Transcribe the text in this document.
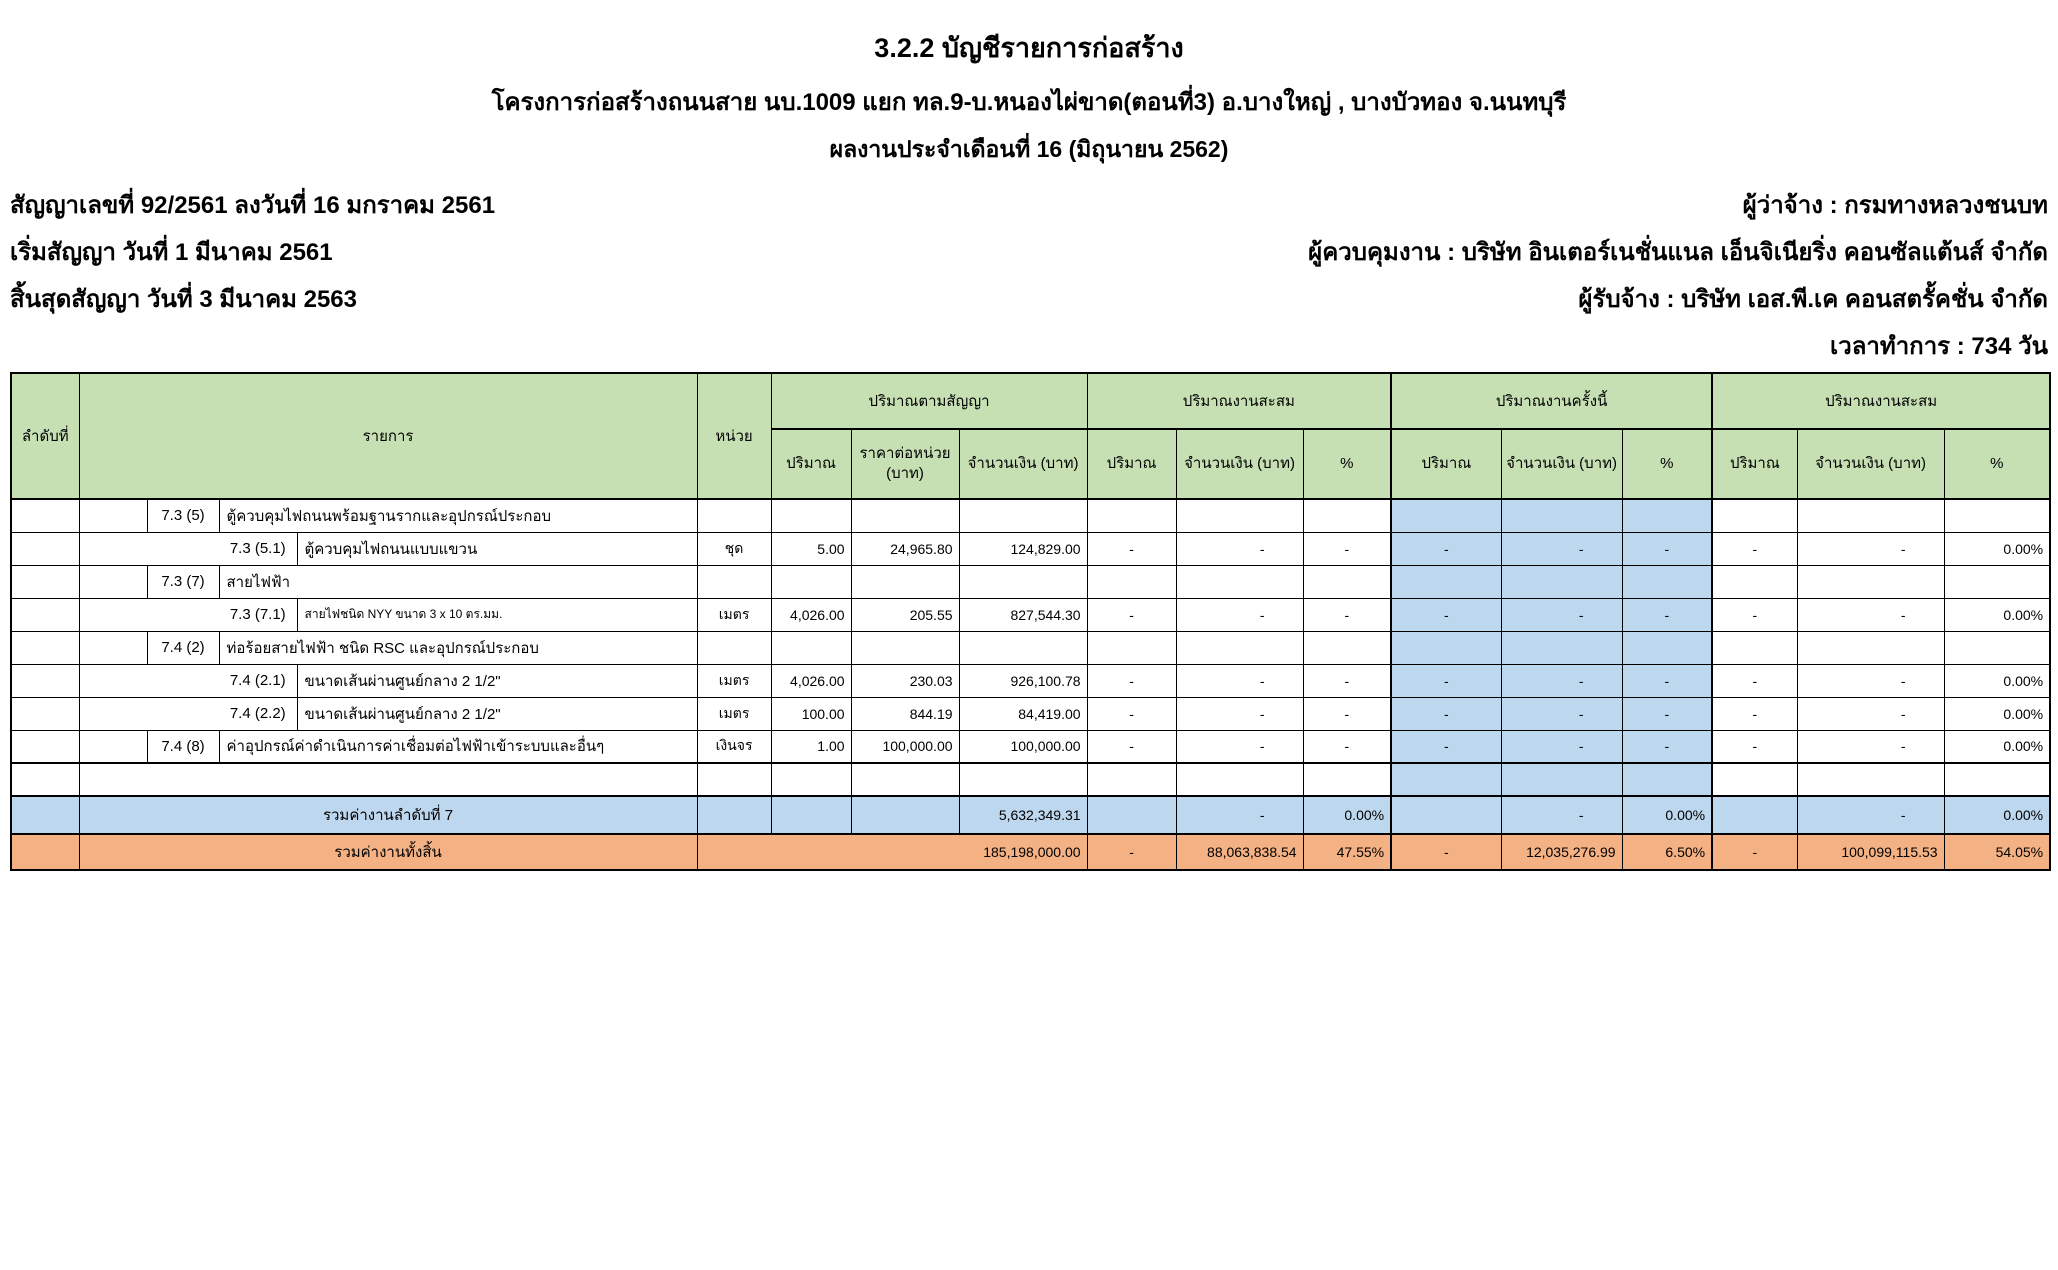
3.2.2 บัญชีรายการก่อสร้าง
โครงการก่อสร้างถนนสาย นบ.1009 แยก ทล.9-บ.หนองไผ่ขาด(ตอนที่3) อ.บางใหญ่ , บางบัวทอง จ.นนทบุรี
ผลงานประจำเดือนที่ 16 (มิถุนายน 2562)
สัญญาเลขที่ 92/2561 ลงวันที่ 16 มกราคม 2561
เริ่มสัญญา วันที่ 1 มีนาคม 2561
สิ้นสุดสัญญา วันที่ 3 มีนาคม 2563
ผู้ว่าจ้าง : กรมทางหลวงชนบท
ผู้ควบคุมงาน : บริษัท อินเตอร์เนชั่นแนล เอ็นจิเนียริ่ง คอนซัลแต้นส์ จำกัด
ผู้รับจ้าง : บริษัท เอส.พี.เค คอนสตรั้คชั่น จำกัด
เวลาทำการ : 734 วัน
ลำดับที่	รายการ				หน่วย	ปริมาณตามสัญญา			ปริมาณงานสะสม			ปริมาณงานครั้งนี้			ปริมาณงานสะสม		
						ปริมาณ	ราคาต่อหน่วย (บาท)	จำนวนเงิน (บาท)	ปริมาณ	จำนวนเงิน (บาท)	%	ปริมาณ	จำนวนเงิน (บาท)	%	ปริมาณ	จำนวนเงิน (บาท)	%
		7.3 (5)	ตู้ควบคุมไฟถนนพร้อมฐานรากและอุปกรณ์ประกอบ														
			7.3 (5.1)	ตู้ควบคุมไฟถนนแบบแขวน	ชุด	5.00	24,965.80	124,829.00	-	-	-	-	-	-	-	-	0.00%
		7.3 (7)	สายไฟฟ้า														
			7.3 (7.1)	สายไฟชนิด NYY ขนาด 3 x 10 ตร.มม.	เมตร	4,026.00	205.55	827,544.30	-	-	-	-	-	-	-	-	0.00%
		7.4 (2)	ท่อร้อยสายไฟฟ้า ชนิด RSC และอุปกรณ์ประกอบ														
			7.4 (2.1)	ขนาดเส้นผ่านศูนย์กลาง 2 1/2"	เมตร	4,026.00	230.03	926,100.78	-	-	-	-	-	-	-	-	0.00%
			7.4 (2.2)	ขนาดเส้นผ่านศูนย์กลาง 2 1/2"	เมตร	100.00	844.19	84,419.00	-	-	-	-	-	-	-	-	0.00%
		7.4 (8)	ค่าอุปกรณ์ค่าดำเนินการค่าเชื่อมต่อไฟฟ้าเข้าระบบและอื่นๆ		เงินจร	1.00	100,000.00	100,000.00	-	-	-	-	-	-	-	-	0.00%

	รวมค่างานลำดับที่ 7							5,632,349.31		-	0.00%		-	0.00%		-	0.00%
	รวมค่างานทั้งสิ้น				185,198,000.00				-	88,063,838.54	47.55%	-	12,035,276.99	6.50%	-	100,099,115.53	54.05%
